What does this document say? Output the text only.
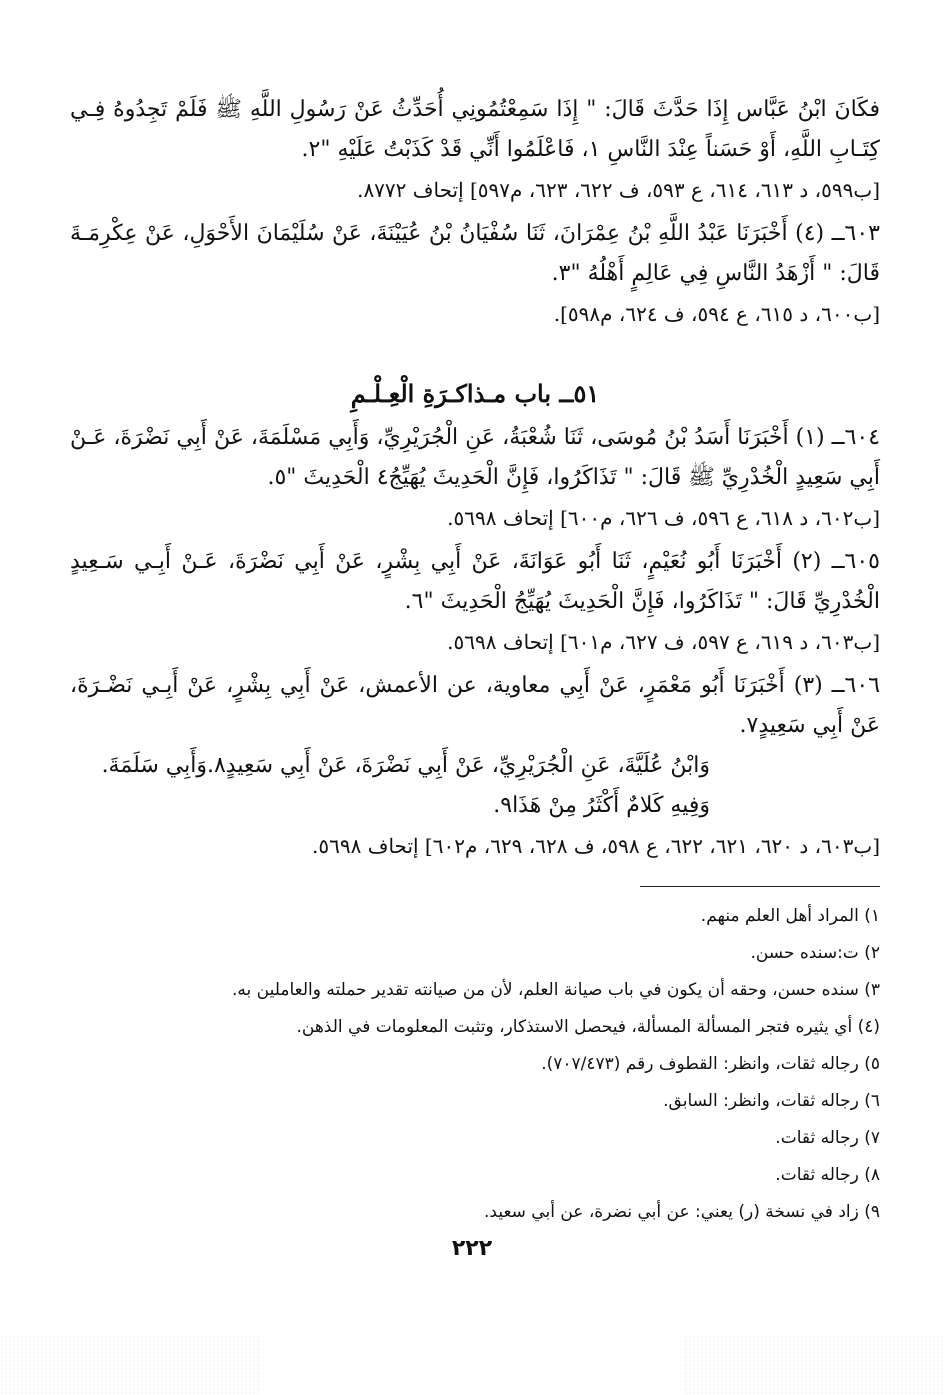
فكَانَ ابْنُ عَبَّاس إِذَا حَدَّثَ قَالَ: " إِذَا سَمِعْتُمُونِي أُحَدِّثُ عَنْ رَسُولِ اللَّهِ ﷺ فَلَمْ تَجِدُوهُ فِـي كِتَـابِ اللَّهِ، أَوْ حَسَناً عِنْدَ النَّاسِ ١، فَاعْلَمُوا أَنِّي قَدْ كَذَبْتُ عَلَيْهِ "٢.

[ب٥٩٩، د ٦١٣، ٦١٤، ع ٥٩٣، ف ٦٢٢، ٦٢٣، م٥٩٧] إتحاف ٨٧٧٢.

٦٠٣ــ (٤) أَخْبَرَنَا عَبْدُ اللَّهِ بْنُ عِمْرَانَ، ثَنَا سُفْيَانُ بْنُ عُيَيْنَةَ، عَنْ سُلَيْمَانَ الأَحْوَلِ، عَنْ عِكْرِمَـةَ قَالَ: " أَزْهَدُ النَّاسِ فِي عَالِمٍ أَهْلُهُ "٣.

[ب٦٠٠، د ٦١٥، ع ٥٩٤، ف ٦٢٤، م٥٩٨].

٥١ــ باب مـذاكـرَةِ الْعِـلْـمِ

٦٠٤ــ (١) أَخْبَرَنَا أَسَدُ بْنُ مُوسَى، ثَنَا شُعْبَةُ، عَنِ الْجُرَيْرِيِّ، وَأَبِي مَسْلَمَةَ، عَنْ أَبِي نَضْرَةَ، عَـنْ أَبِي سَعِيدٍ الْخُدْرِيِّ ﷺ قَالَ: " تَذَاكَرُوا، فَإِنَّ الْحَدِيثَ يُهَيِّجُ٤ الْحَدِيثَ "٥.

[ب٦٠٢، د ٦١٨، ع ٥٩٦، ف ٦٢٦، م٦٠٠] إتحاف ٥٦٩٨.

٦٠٥ــ (٢) أَخْبَرَنَا أَبُو نُعَيْمٍ، ثَنَا أَبُو عَوَانَةَ، عَنْ أَبِي بِشْرٍ، عَنْ أَبِي نَضْرَةَ، عَـنْ أَبِـي سَـعِيدٍ الْخُدْرِيِّ قَالَ: " تَذَاكَرُوا، فَإِنَّ الْحَدِيثَ يُهَيِّجُ الْحَدِيثَ "٦.

[ب٦٠٣، د ٦١٩، ع ٥٩٧، ف ٦٢٧، م٦٠١] إتحاف ٥٦٩٨.

٦٠٦ــ (٣) أَخْبَرَنَا أَبُو مَعْمَرٍ، عَنْ أَبِي معاوية، عن الأعمش، عَنْ أَبِي بِشْرٍ، عَنْ أَبِـي نَضْـرَةَ، عَنْ أَبِي سَعِيدٍ٧.

وَابْنُ عُلَيَّةَ، عَنِ الْجُرَيْرِيِّ، عَنْ أَبِي نَضْرَةَ، عَنْ أَبِي سَعِيدٍ٨.وَأَبِي سَلَمَةَ.

وَفِيهِ كَلامٌ أَكْثَرُ مِنْ هَذَا٩.

[ب٦٠٣، د ٦٢٠، ٦٢١، ٦٢٢، ع ٥٩٨، ف ٦٢٨، ٦٢٩، م٦٠٢] إتحاف ٥٦٩٨.

١) المراد أهل العلم منهم.

٢) ت:سنده حسن.

٣) سنده حسن، وحقه أن يكون في باب صيانة العلم، لأن من صيانته تقدير حملته والعاملين به.

(٤) أي يثيره فتجر المسألة المسألة، فيحصل الاستذكار، وتثبت المعلومات في الذهن.

٥) رجاله ثقات، وانظر: القطوف رقم (٧٠٧/٤٧٣).

٦) رجاله ثقات، وانظر: السابق.

٧) رجاله ثقات.

٨) رجاله ثقات.

٩) زاد في نسخة (ر) يعني: عن أبي نضرة، عن أبي سعيد.

٢٢٢
